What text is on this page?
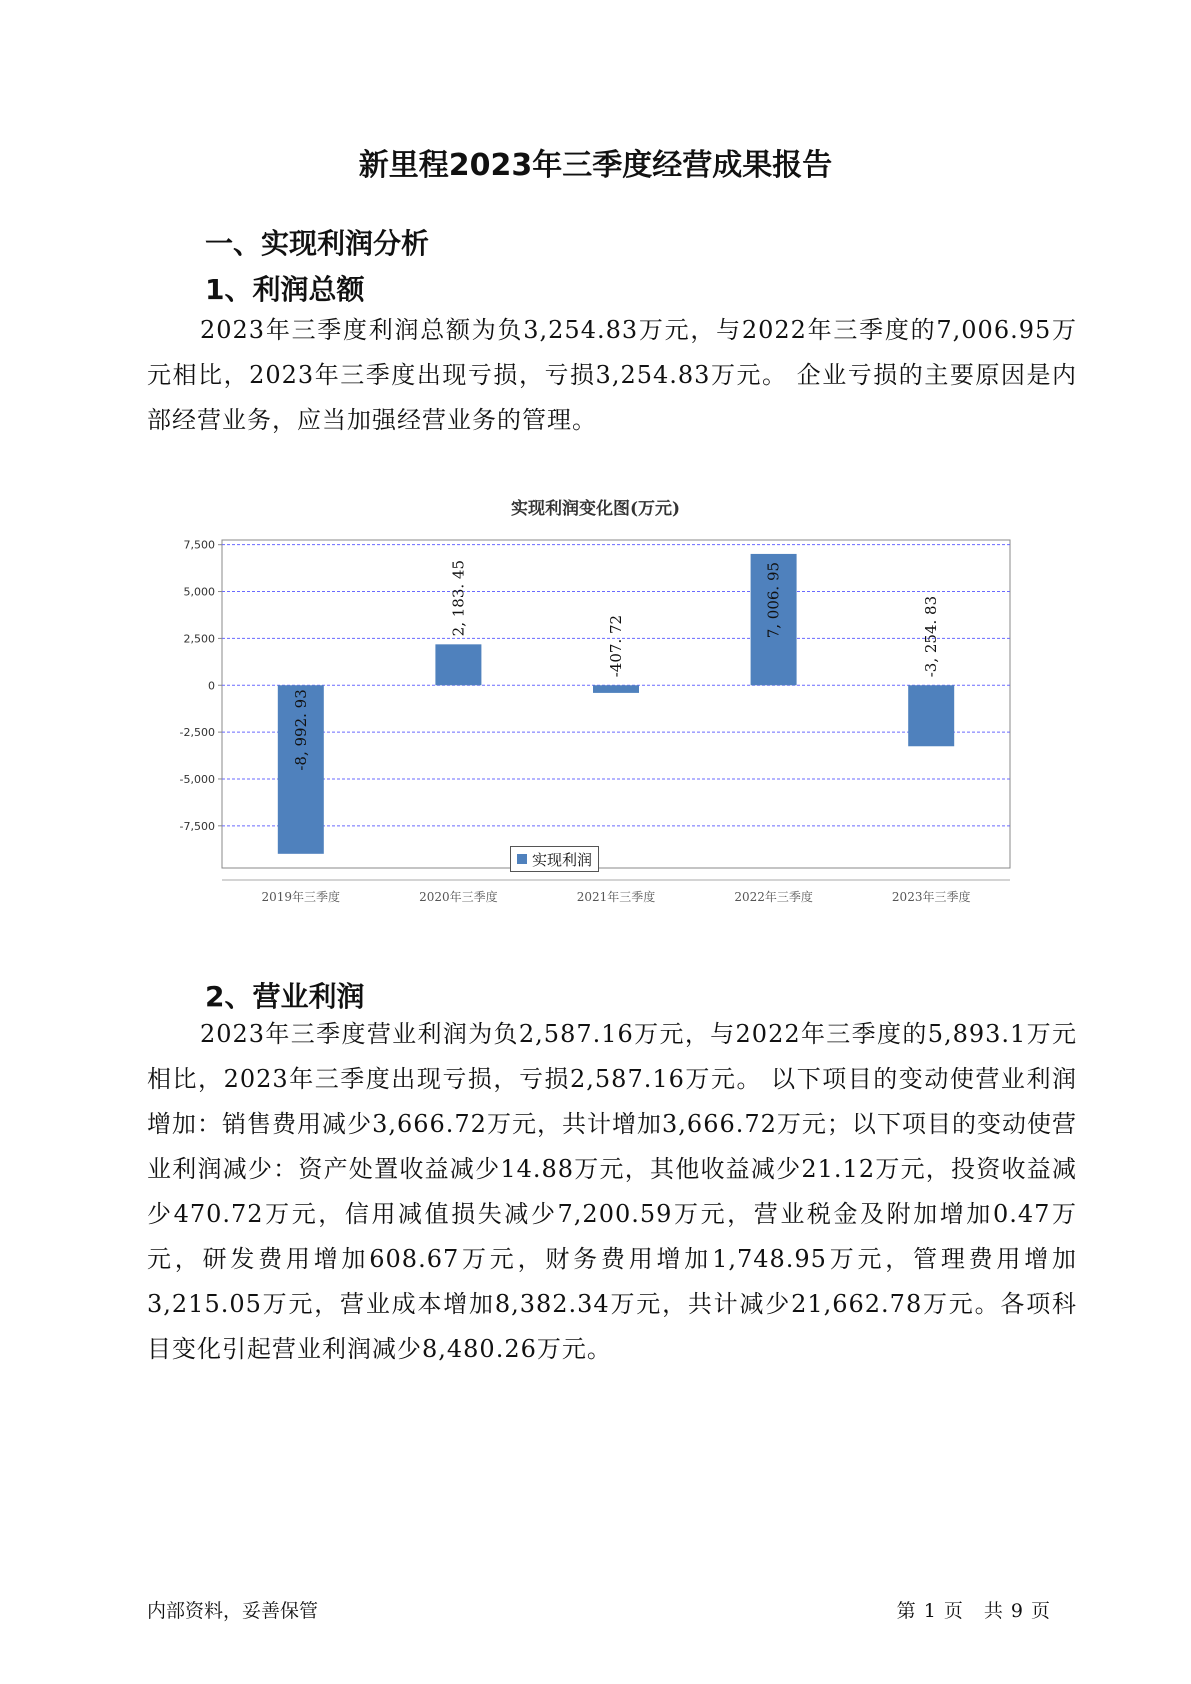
新里程2023年三季度经营成果报告
一、实现利润分析
1、利润总额

2023年三季度利润总额为负3,254.83万元，与2022年三季度的7,006.95万元相比，2023年三季度出现亏损，亏损3,254.83万元。 企业亏损的主要原因是内部经营业务，应当加强经营业务的管理。

实现利润变化图(万元)
7,500
5,000
2,500
0
-2,500
-5,000
-7,500
2019年三季度
-8, 992. 93
2020年三季度
2, 183. 45
2021年三季度
-407. 72
2022年三季度
7, 006. 95
2023年三季度
-3, 254. 83
2、营业利润

2023年三季度营业利润为负2,587.16万元，与2022年三季度的5,893.1万元相比，2023年三季度出现亏损，亏损2,587.16万元。 以下项目的变动使营业利润增加：销售费用减少3,666.72万元，共计增加3,666.72万元；以下项目的变动使营业利润减少：资产处置收益减少14.88万元，其他收益减少21.12万元，投资收益减少470.72万元，信用减值损失减少7,200.59万元，营业税金及附加增加0.47万元，研发费用增加608.67万元，财务费用增加1,748.95万元，管理费用增加3,215.05万元，营业成本增加8,382.34万元，共计减少21,662.78万元。各项科目变化引起营业利润减少8,480.26万元。

内部资料，妥善保管	第 1 页　共 9 页
实现利润
